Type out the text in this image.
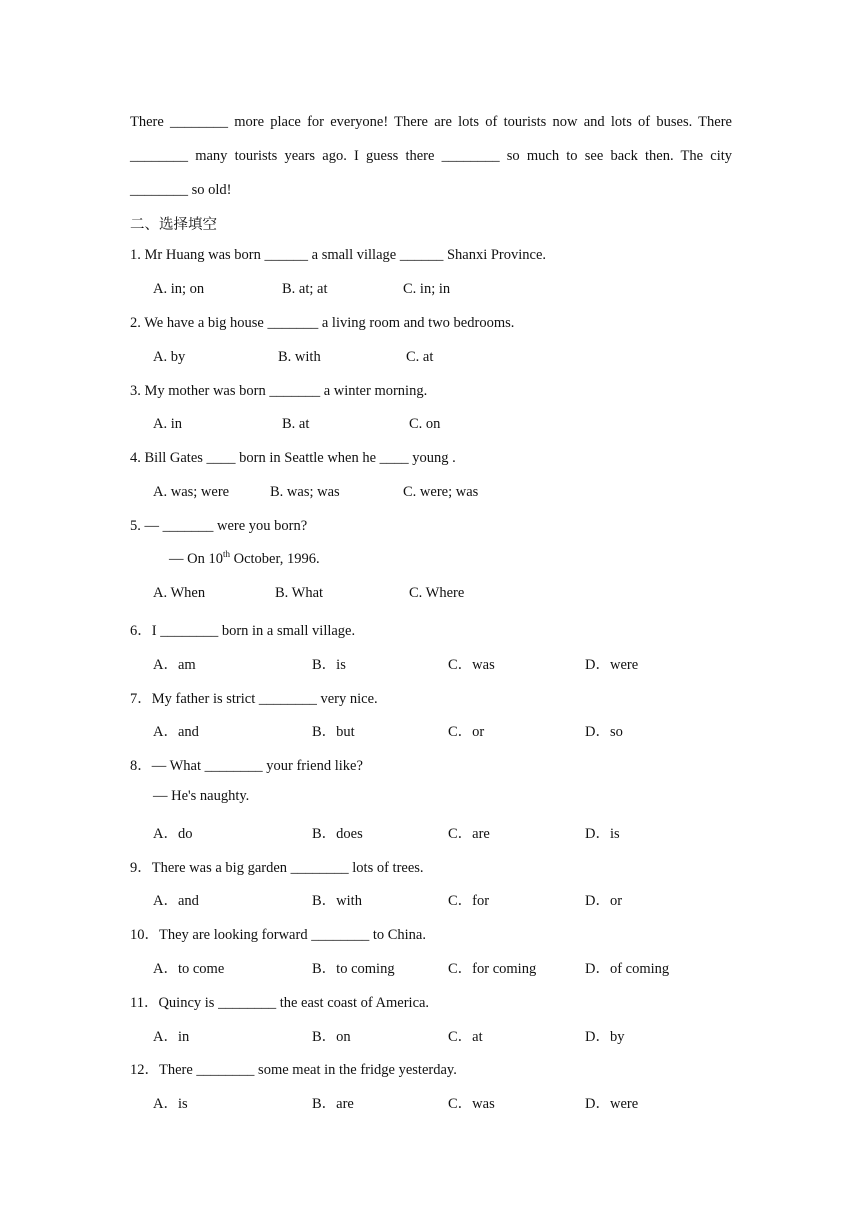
There ________ more place for everyone! There are lots of tourists now and lots of buses. There
________ many tourists years ago. I guess there ________ so much to see back then. The city
________ so old!
二、选择填空
1. Mr Huang was born ______ a small village ______ Shanxi Province.
A. in; on	B. at; at	C. in; in
2. We have a big house _______ a living room and two bedrooms.
A. by	B. with	C. at
3. My mother was born _______ a winter morning.
A. in	B. at	C. on
4. Bill Gates ____ born in Seattle when he ____ young .
A. was; were	B. was; was	C. were; was
5. — _______ were you born?
— On 10th October, 1996.
A. When	B. What	C. Where
6．I ________ born in a small village.
A．am	B．is	C．was	D．were
7．My father is strict ________ very nice.
A．and	B．but	C．or	D．so
8．— What ________ your friend like?
— He's naughty.
A．do	B．does	C．are	D．is
9．There was a big garden ________ lots of trees.
A．and	B．with	C．for	D．or
10．They are looking forward ________ to China.
A．to come	B．to coming	C．for coming	D．of coming
11．Quincy is ________ the east coast of America.
A．in	B．on	C．at	D．by
12．There ________ some meat in the fridge yesterday.
A．is	B．are	C．was	D．were
